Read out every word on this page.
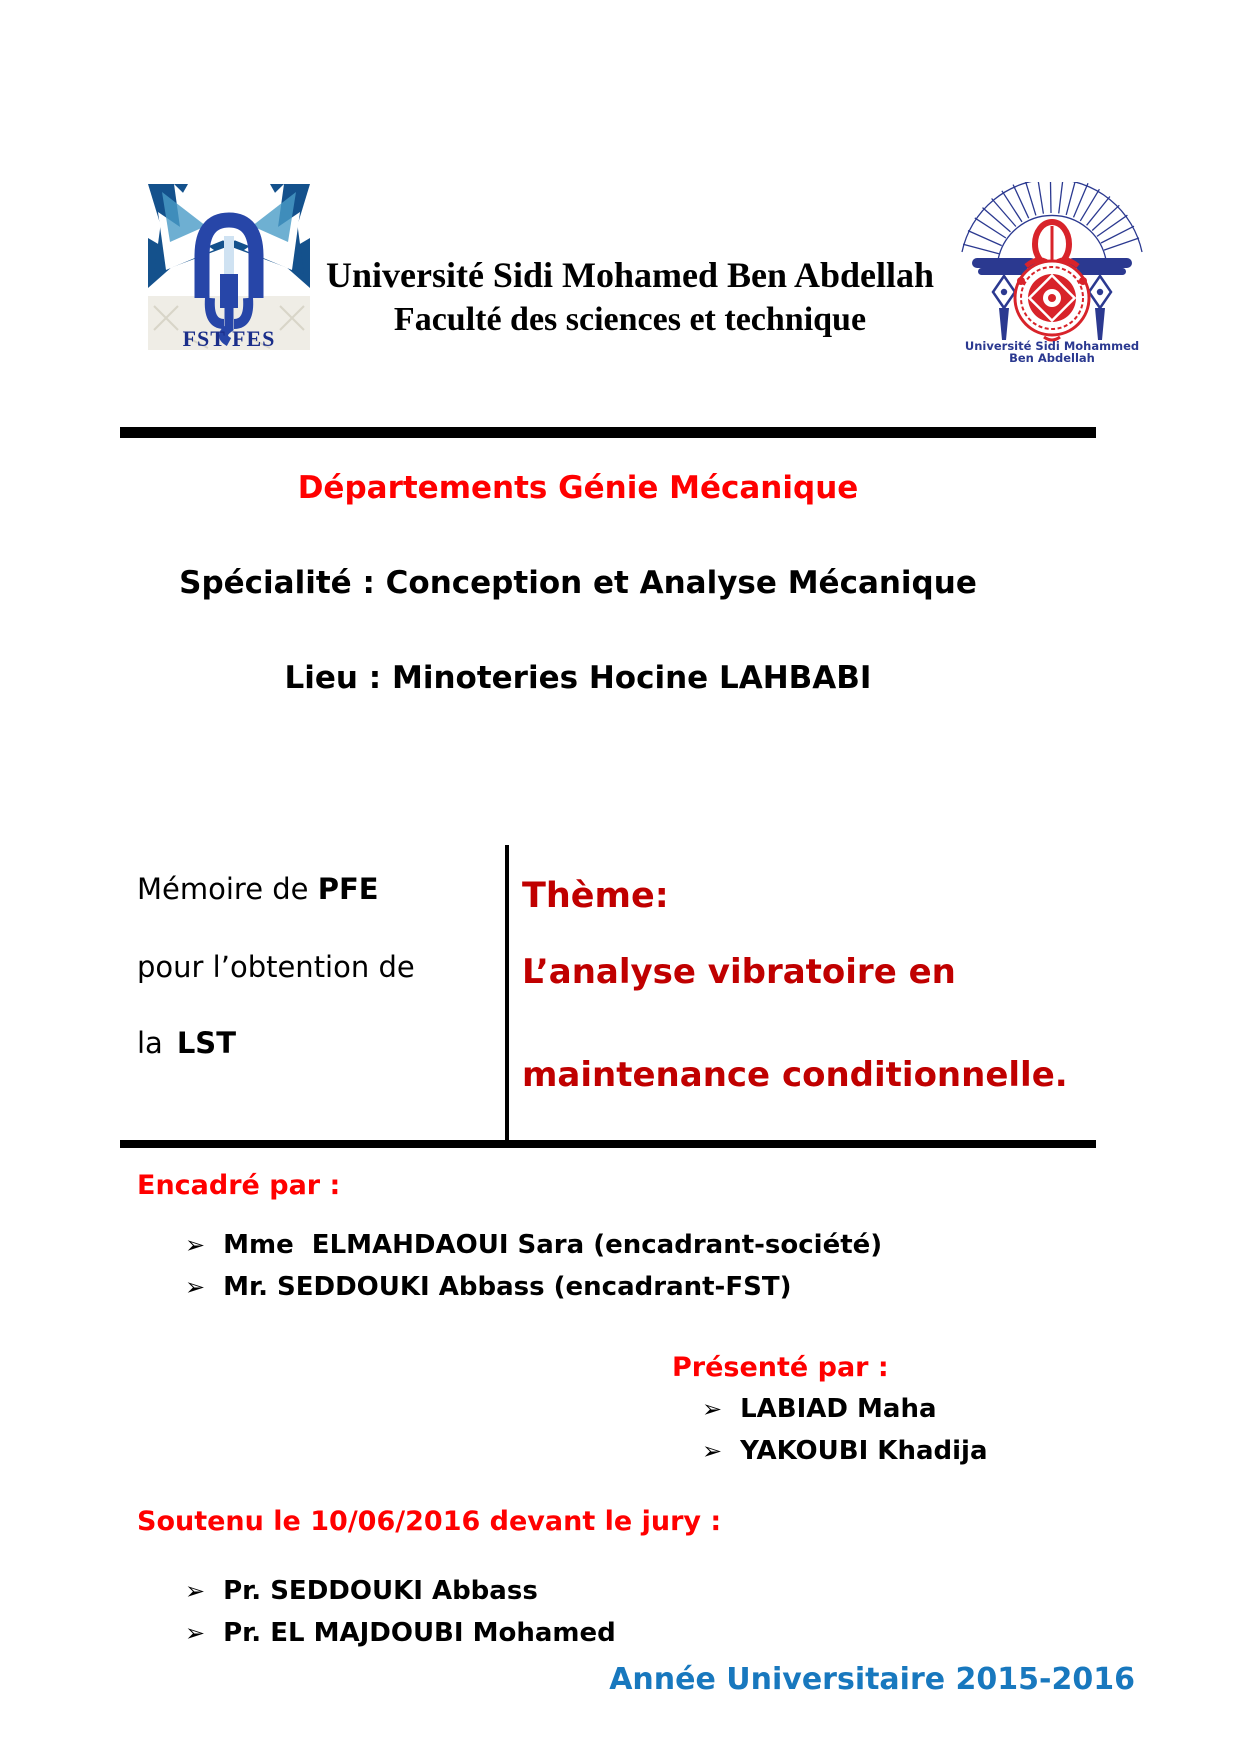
FST FES
Université Sidi Mohamed Ben Abdellah
Faculté des sciences et technique
Université Sidi Mohammed
Ben Abdellah
Départements Génie Mécanique
Spécialité : Conception et Analyse Mécanique
Lieu : Minoteries Hocine LAHBABI
Mémoire de PFE
pour l’obtention de
la LST
Thème:
L’analyse vibratoire en
maintenance conditionnelle.
Encadré par :
➢ Mme  ELMAHDAOUI Sara (encadrant-société)
➢ Mr. SEDDOUKI Abbass (encadrant-FST)
Présenté par :
➢ LABIAD Maha
➢ YAKOUBI Khadija
Soutenu le 10/06/2016 devant le jury :
➢ Pr. SEDDOUKI Abbass
➢ Pr. EL MAJDOUBI Mohamed
Année Universitaire 2015-2016
